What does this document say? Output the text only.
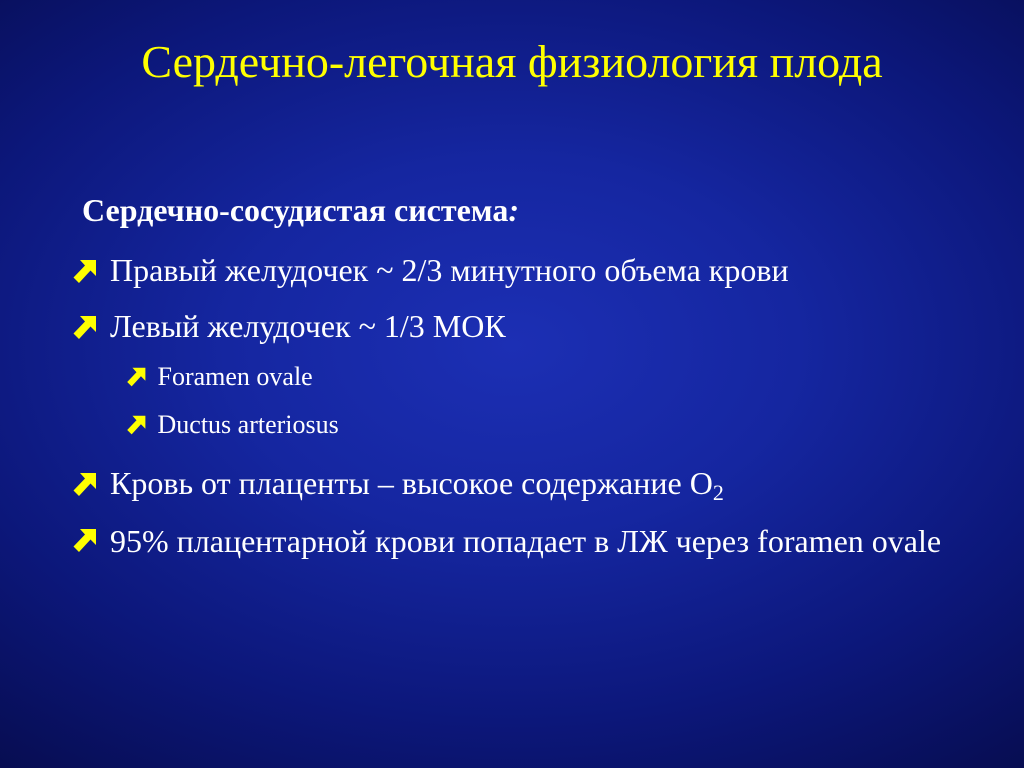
Сердечно-легочная физиология плода
Сердечно-сосудистая система:
Правый желудочек ~ 2/3 минутного объема крови
Левый желудочек ~ 1/3 МОК
Foramen ovale
Ductus arteriosus
Кровь от плаценты – высокое содержание $О_2$
95% плацентарной крови попадает в ЛЖ через foramen ovale
